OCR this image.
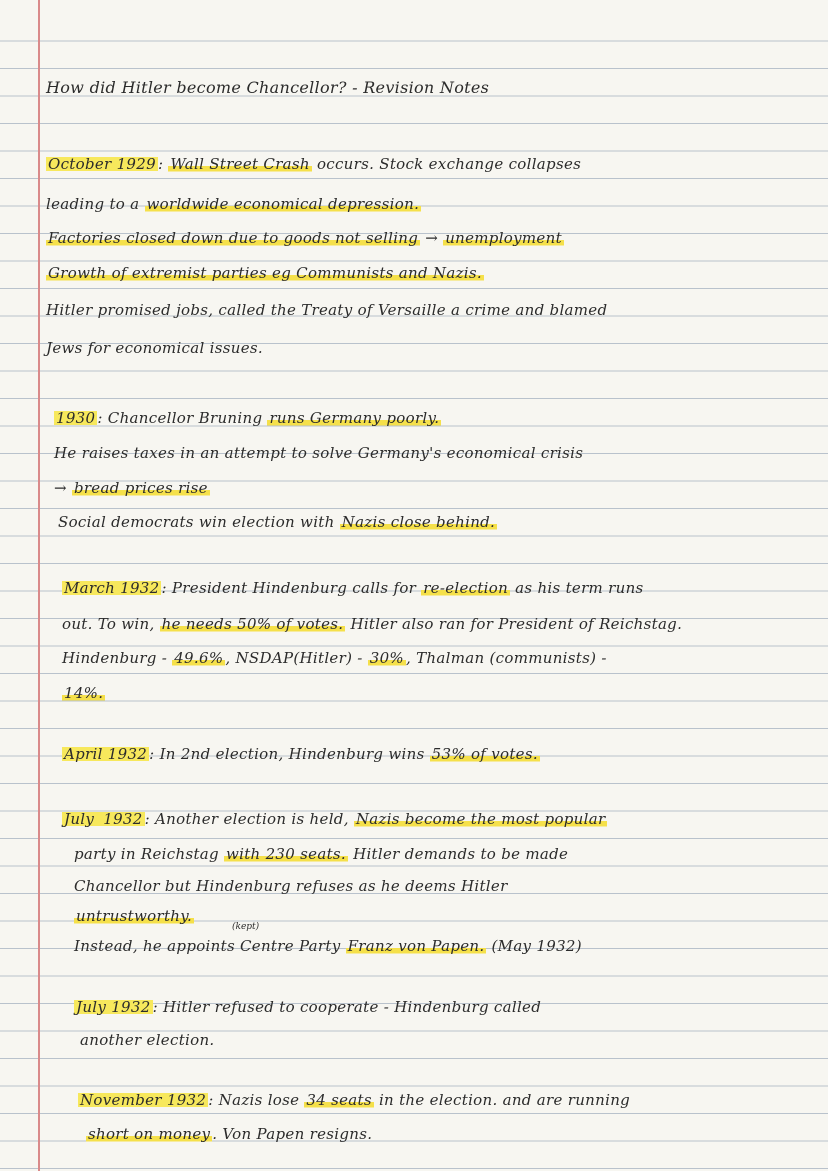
How did Hitler become Chancellor? - Revision Notes
October 1929 : Wall Street Crash occurs. Stock exchange collapses
leading to a worldwide economical depression.
Factories closed down due to goods not selling → unemployment
Growth of extremist parties eg Communists and Nazis.
Hitler promised jobs, called the Treaty of Versaille a crime and blamed
Jews for economical issues.
1930 : Chancellor Bruning runs Germany poorly.
He raises taxes in an attempt to solve Germany's economical crisis
→ bread prices rise
Social democrats win election with Nazis close behind.
March 1932 : President Hindenburg calls for re-election as his term runs
out. To win, he needs 50% of votes. Hitler also ran for President of Reichstag.
Hindenburg - 49.6% , NSDAP(Hitler) - 30% , Thalman (communists) -
14%.
April 1932 : In 2nd election, Hindenburg wins 53% of votes.
July 1932 : Another election is held, Nazis become the most popular
party in Reichstag with 230 seats. Hitler demands to be made
Chancellor but Hindenburg refuses as he deems Hitler
untrustworthy.
(kept)
Instead, he appoints Centre Party Franz von Papen. (May 1932)
July 1932 : Hitler refused to cooperate - Hindenburg called
another election.
November 1932 : Nazis lose 34 seats in the election. and are running
short on money . Von Papen resigns.
